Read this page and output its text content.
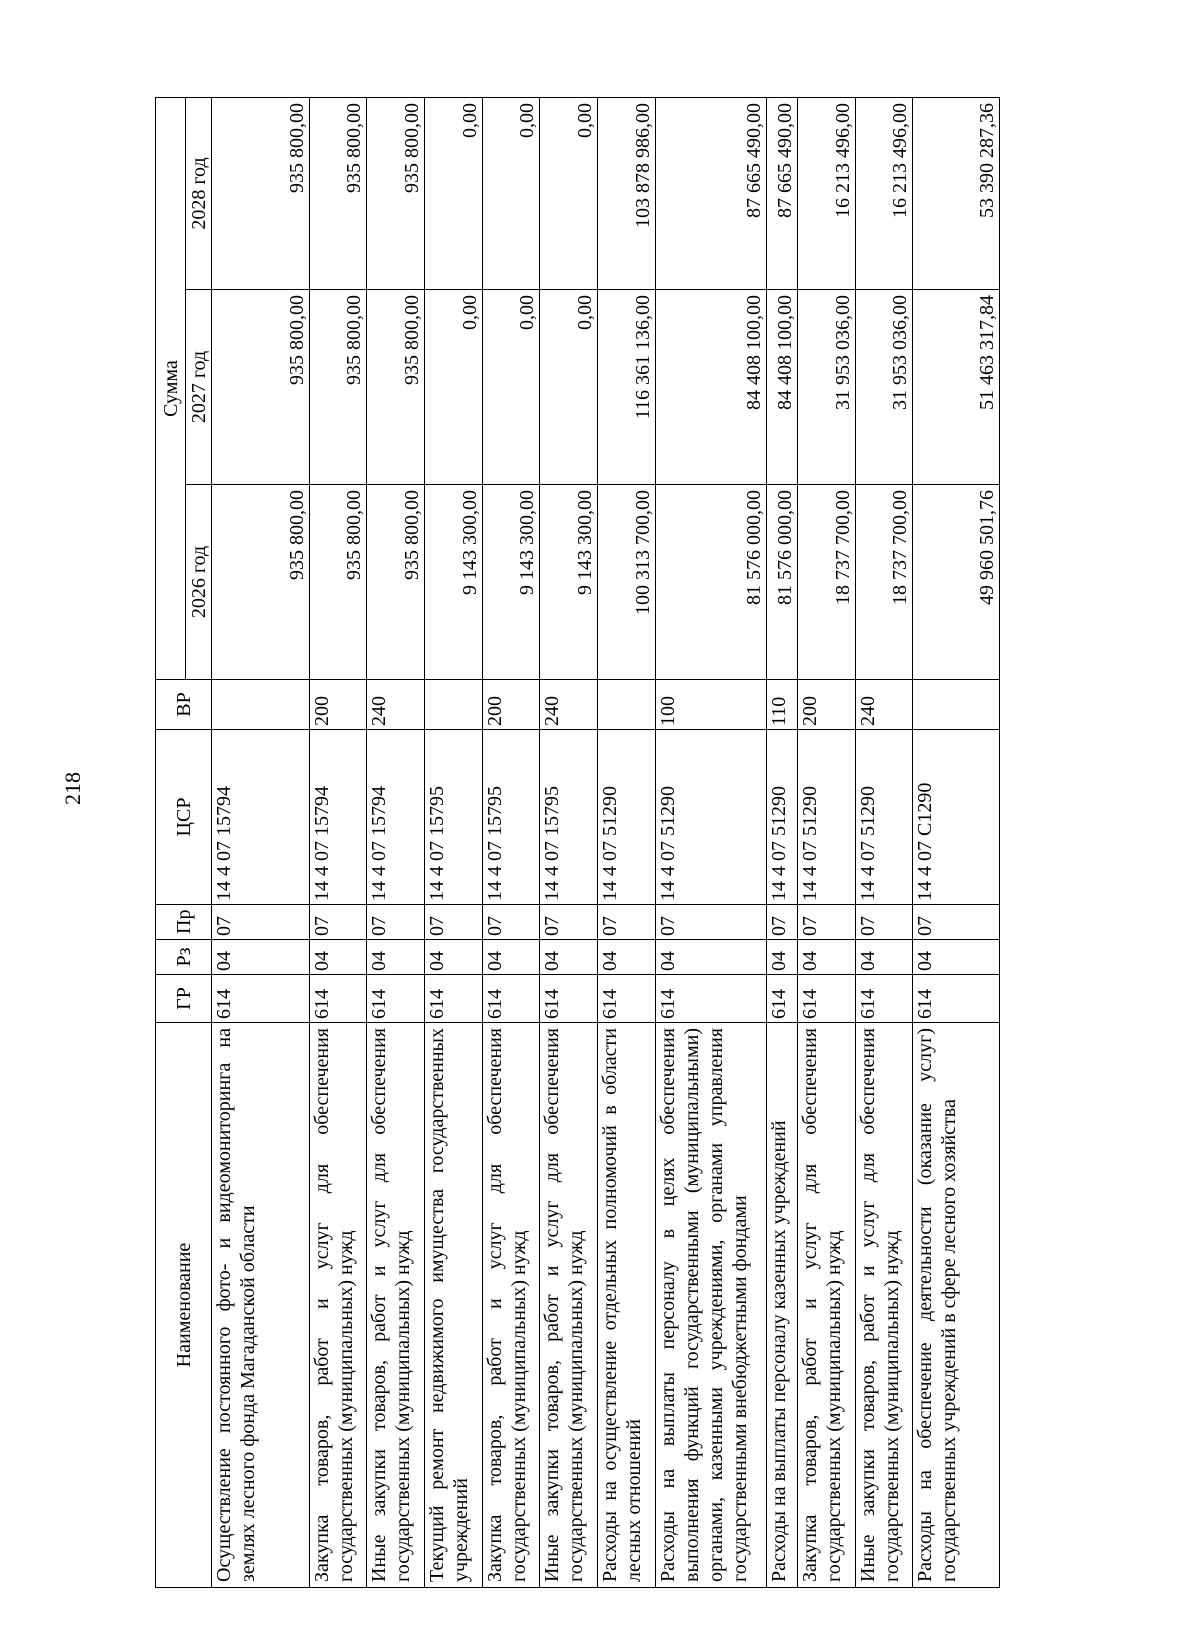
218
Наименование	ГР	Рз	Пр	ЦСР	ВР	Сумма		
						2026 год	2027 год	2028 год
Осуществление постоянного фото- и видеомониторинга на землях лесного фонда Магаданской области	614	04	07	14 4 07 15794		935 800,00	935 800,00	935 800,00
Закупка товаров, работ и услуг для обеспечения государственных (муниципальных) нужд	614	04	07	14 4 07 15794	200	935 800,00	935 800,00	935 800,00
Иные закупки товаров, работ и услуг для обеспечения государственных (муниципальных) нужд	614	04	07	14 4 07 15794	240	935 800,00	935 800,00	935 800,00
Текущий ремонт недвижимого имущества государственных учреждений	614	04	07	14 4 07 15795		9 143 300,00	0,00	0,00
Закупка товаров, работ и услуг для обеспечения государственных (муниципальных) нужд	614	04	07	14 4 07 15795	200	9 143 300,00	0,00	0,00
Иные закупки товаров, работ и услуг для обеспечения государственных (муниципальных) нужд	614	04	07	14 4 07 15795	240	9 143 300,00	0,00	0,00
Расходы на осуществление отдельных полномочий в области лесных отношений	614	04	07	14 4 07 51290		100 313 700,00	116 361 136,00	103 878 986,00
Расходы на выплаты персоналу в целях обеспечения выполнения функций государственными (муниципальными) органами, казенными учреждениями, органами управления государственными внебюджетными фондами	614	04	07	14 4 07 51290	100	81 576 000,00	84 408 100,00	87 665 490,00
Расходы на выплаты персоналу казенных учреждений	614	04	07	14 4 07 51290	110	81 576 000,00	84 408 100,00	87 665 490,00
Закупка товаров, работ и услуг для обеспечения государственных (муниципальных) нужд	614	04	07	14 4 07 51290	200	18 737 700,00	31 953 036,00	16 213 496,00
Иные закупки товаров, работ и услуг для обеспечения государственных (муниципальных) нужд	614	04	07	14 4 07 51290	240	18 737 700,00	31 953 036,00	16 213 496,00
Расходы на обеспечение деятельности (оказание услуг) государственных учреждений в сфере лесного хозяйства	614	04	07	14 4 07 С1290		49 960 501,76	51 463 317,84	53 390 287,36
